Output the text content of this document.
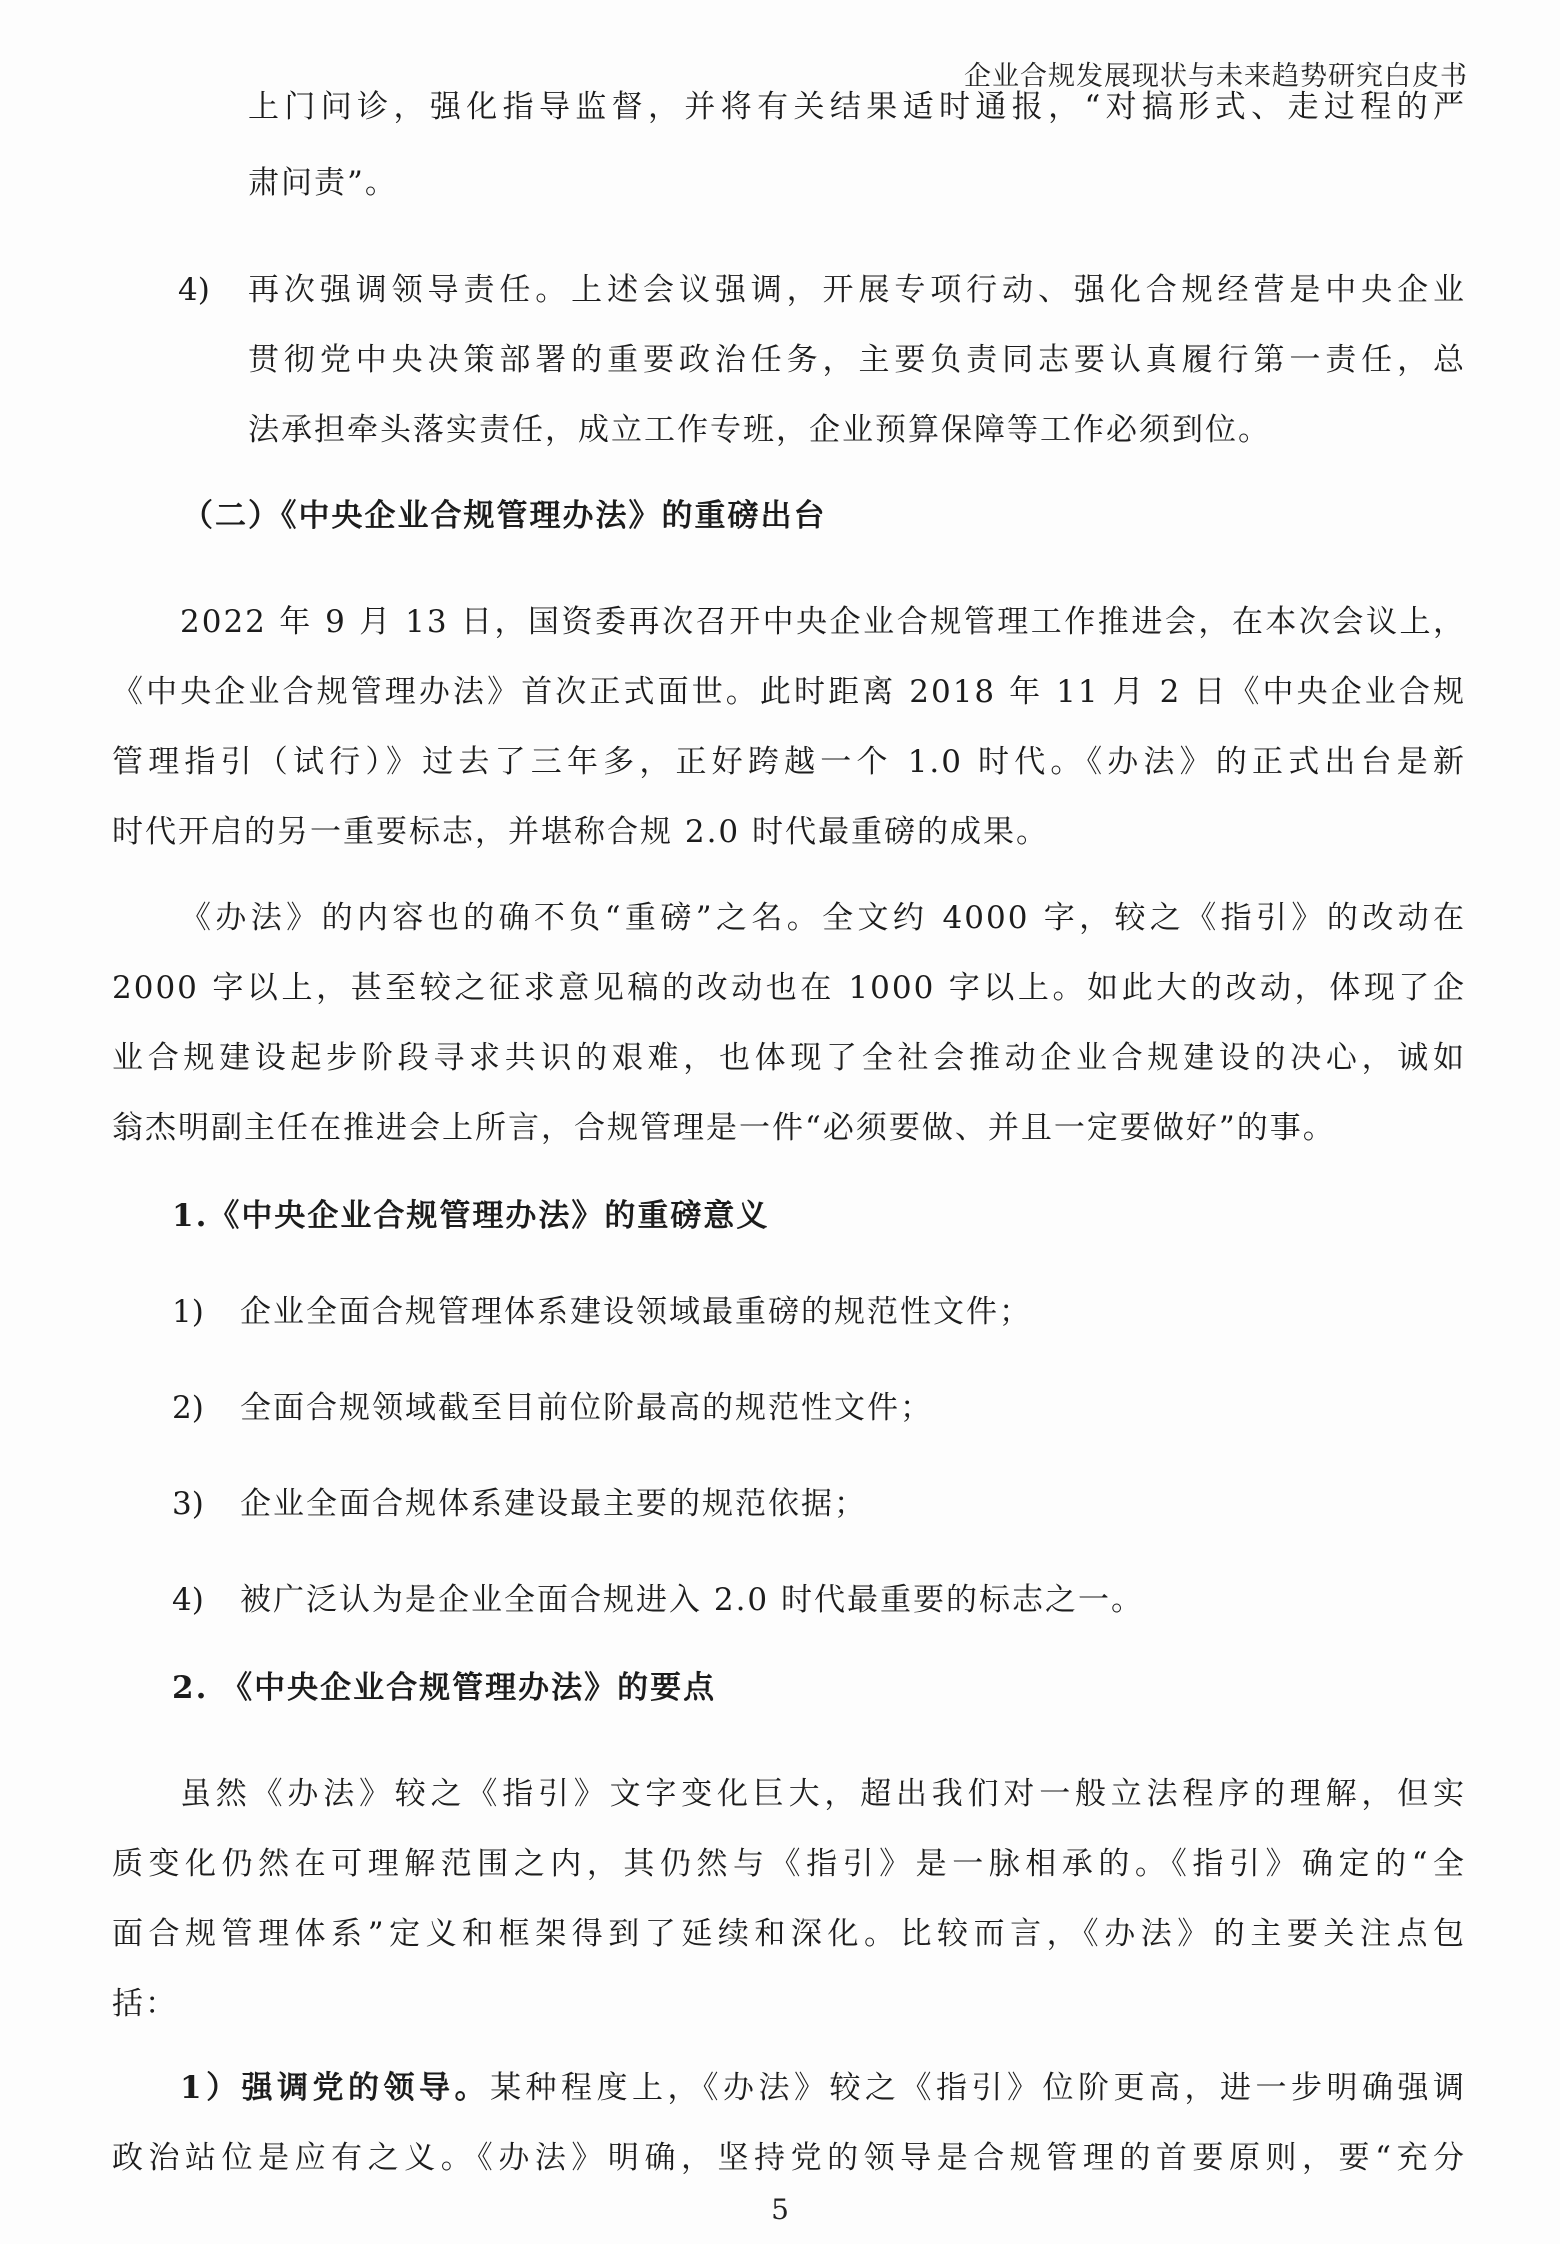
企业合规发展现状与未来趋势研究白皮书
上门问诊，强化指导监督，并将有关结果适时通报，“对搞形式、走过程的严
肃问责”。
4) 再次强调领导责任。上述会议强调，开展专项行动、强化合规经营是中央企业
贯彻党中央决策部署的重要政治任务，主要负责同志要认真履行第一责任，总
法承担牵头落实责任，成立工作专班，企业预算保障等工作必须到位。
（二）《中央企业合规管理办法》的重磅出台
2022 年 9 月 13 日，国资委再次召开中央企业合规管理工作推进会，在本次会议上，
《中央企业合规管理办法》首次正式面世。此时距离 2018 年 11 月 2 日《中央企业合规
管理指引（试行）》过去了三年多，正好跨越一个 1.0 时代。《办法》的正式出台是新
时代开启的另一重要标志，并堪称合规 2.0 时代最重磅的成果。
《办法》的内容也的确不负“重磅”之名。全文约 4000 字，较之《指引》的改动在
2000 字以上，甚至较之征求意见稿的改动也在 1000 字以上。如此大的改动，体现了企
业合规建设起步阶段寻求共识的艰难，也体现了全社会推动企业合规建设的决心，诚如
翁杰明副主任在推进会上所言，合规管理是一件“必须要做、并且一定要做好”的事。
1.《中央企业合规管理办法》的重磅意义
1) 企业全面合规管理体系建设领域最重磅的规范性文件；
2) 全面合规领域截至目前位阶最高的规范性文件；
3) 企业全面合规体系建设最主要的规范依据；
4) 被广泛认为是企业全面合规进入 2.0 时代最重要的标志之一。
2. 《中央企业合规管理办法》的要点
虽然《办法》较之《指引》文字变化巨大，超出我们对一般立法程序的理解，但实
质变化仍然在可理解范围之内，其仍然与《指引》是一脉相承的。《指引》确定的“全
面合规管理体系”定义和框架得到了延续和深化。比较而言，《办法》的主要关注点包
括：
1）强调党的领导。某种程度上，《办法》较之《指引》位阶更高，进一步明确强调
政治站位是应有之义。《办法》明确，坚持党的领导是合规管理的首要原则，要“充分
5
